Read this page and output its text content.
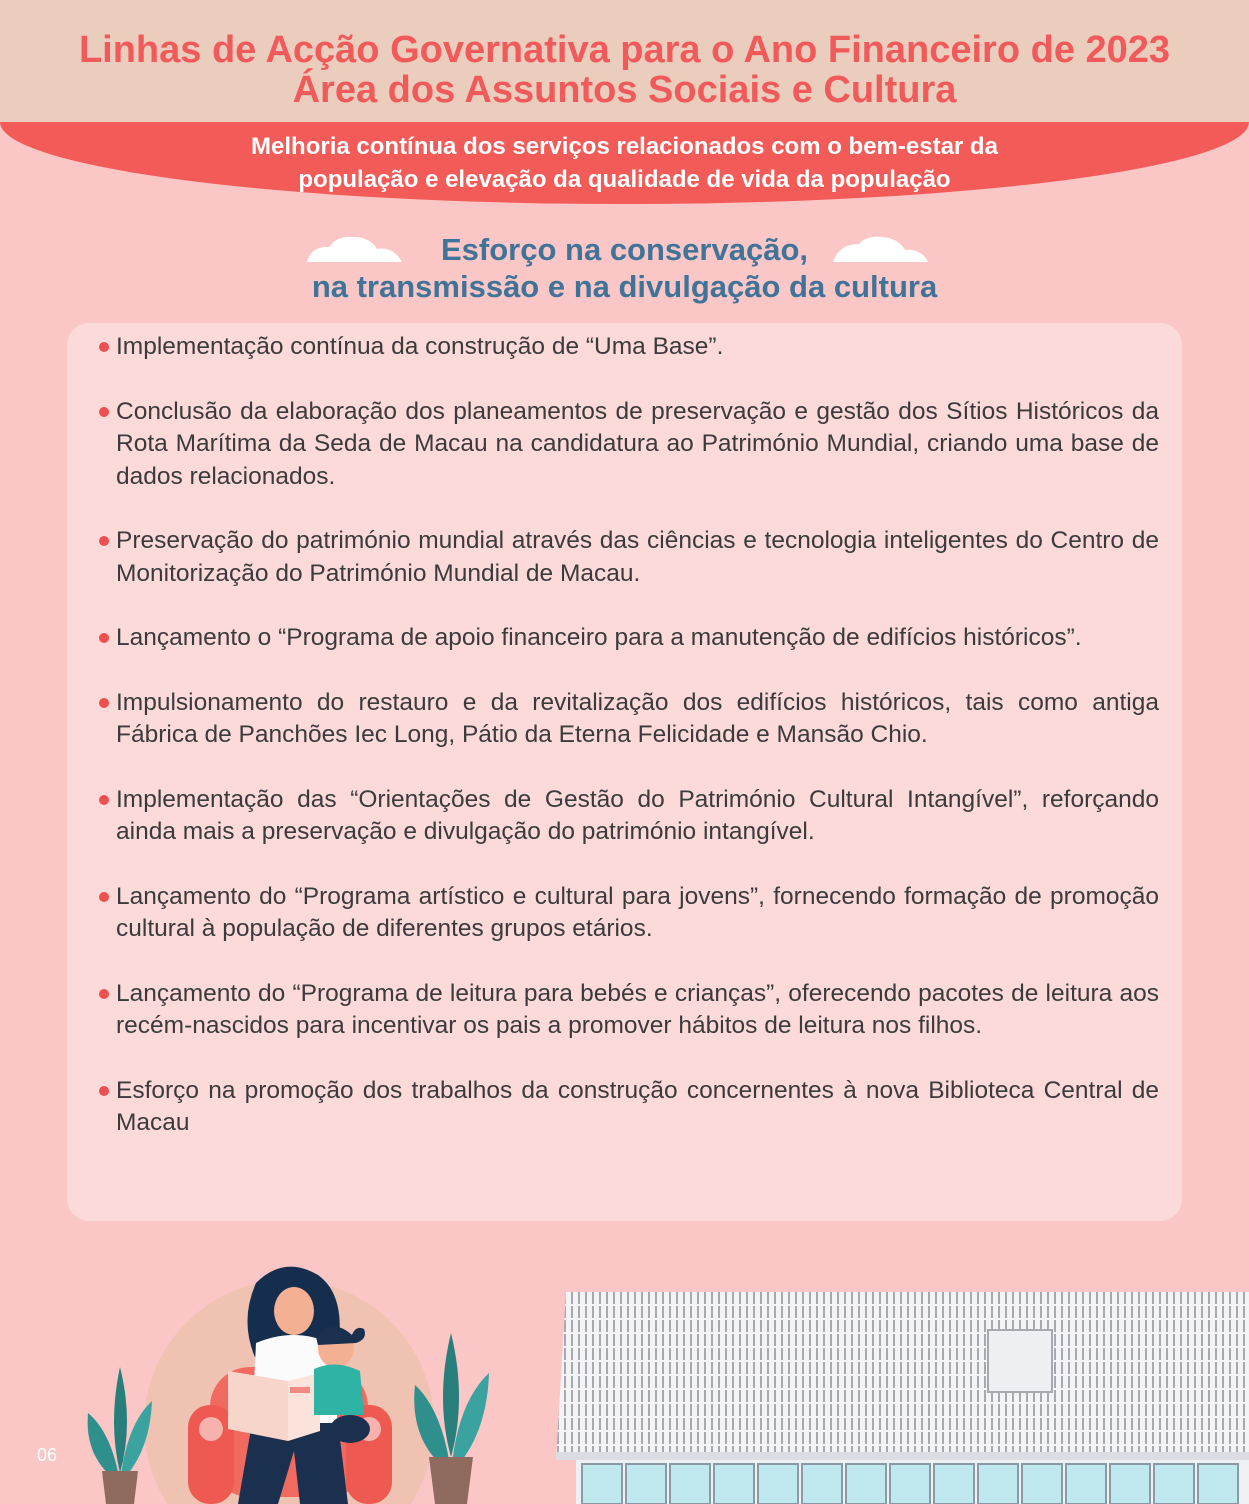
Linhas de Acção Governativa para o Ano Financeiro de 2023
Área dos Assuntos Sociais e Cultura

Melhoria contínua dos serviços relacionados com o bem-estar da
população e elevação da qualidade de vida da população

Esforço na conservação,
na transmissão e na divulgação da cultura
Implementação contínua da construção de “Uma Base”.
Conclusão da elaboração dos planeamentos de preservação e gestão dos Sítios Históricos da Rota Marítima da Seda de Macau na candidatura ao Património Mundial, criando uma base de dados relacionados.
Preservação do património mundial através das ciências e tecnologia inteligentes do Centro de Monitorização do Património Mundial de Macau.
Lançamento o “Programa de apoio financeiro para a manutenção de edifícios históricos”.
Impulsionamento do restauro e da revitalização dos edifícios históricos, tais como antiga Fábrica de Panchões Iec Long, Pátio da Eterna Felicidade e Mansão Chio.
Implementação das “Orientações de Gestão do Património Cultural Intangível”, reforçando ainda mais a preservação e divulgação do património intangível.
Lançamento do “Programa artístico e cultural para jovens”, fornecendo formação de promoção cultural à população de diferentes grupos etários.
Lançamento do “Programa de leitura para bebés e crianças”, oferecendo pacotes de leitura aos recém-nascidos para incentivar os pais a promover hábitos de leitura nos filhos.
Esforço na promoção dos trabalhos da construção concernentes à nova Biblioteca Central de Macau
06
